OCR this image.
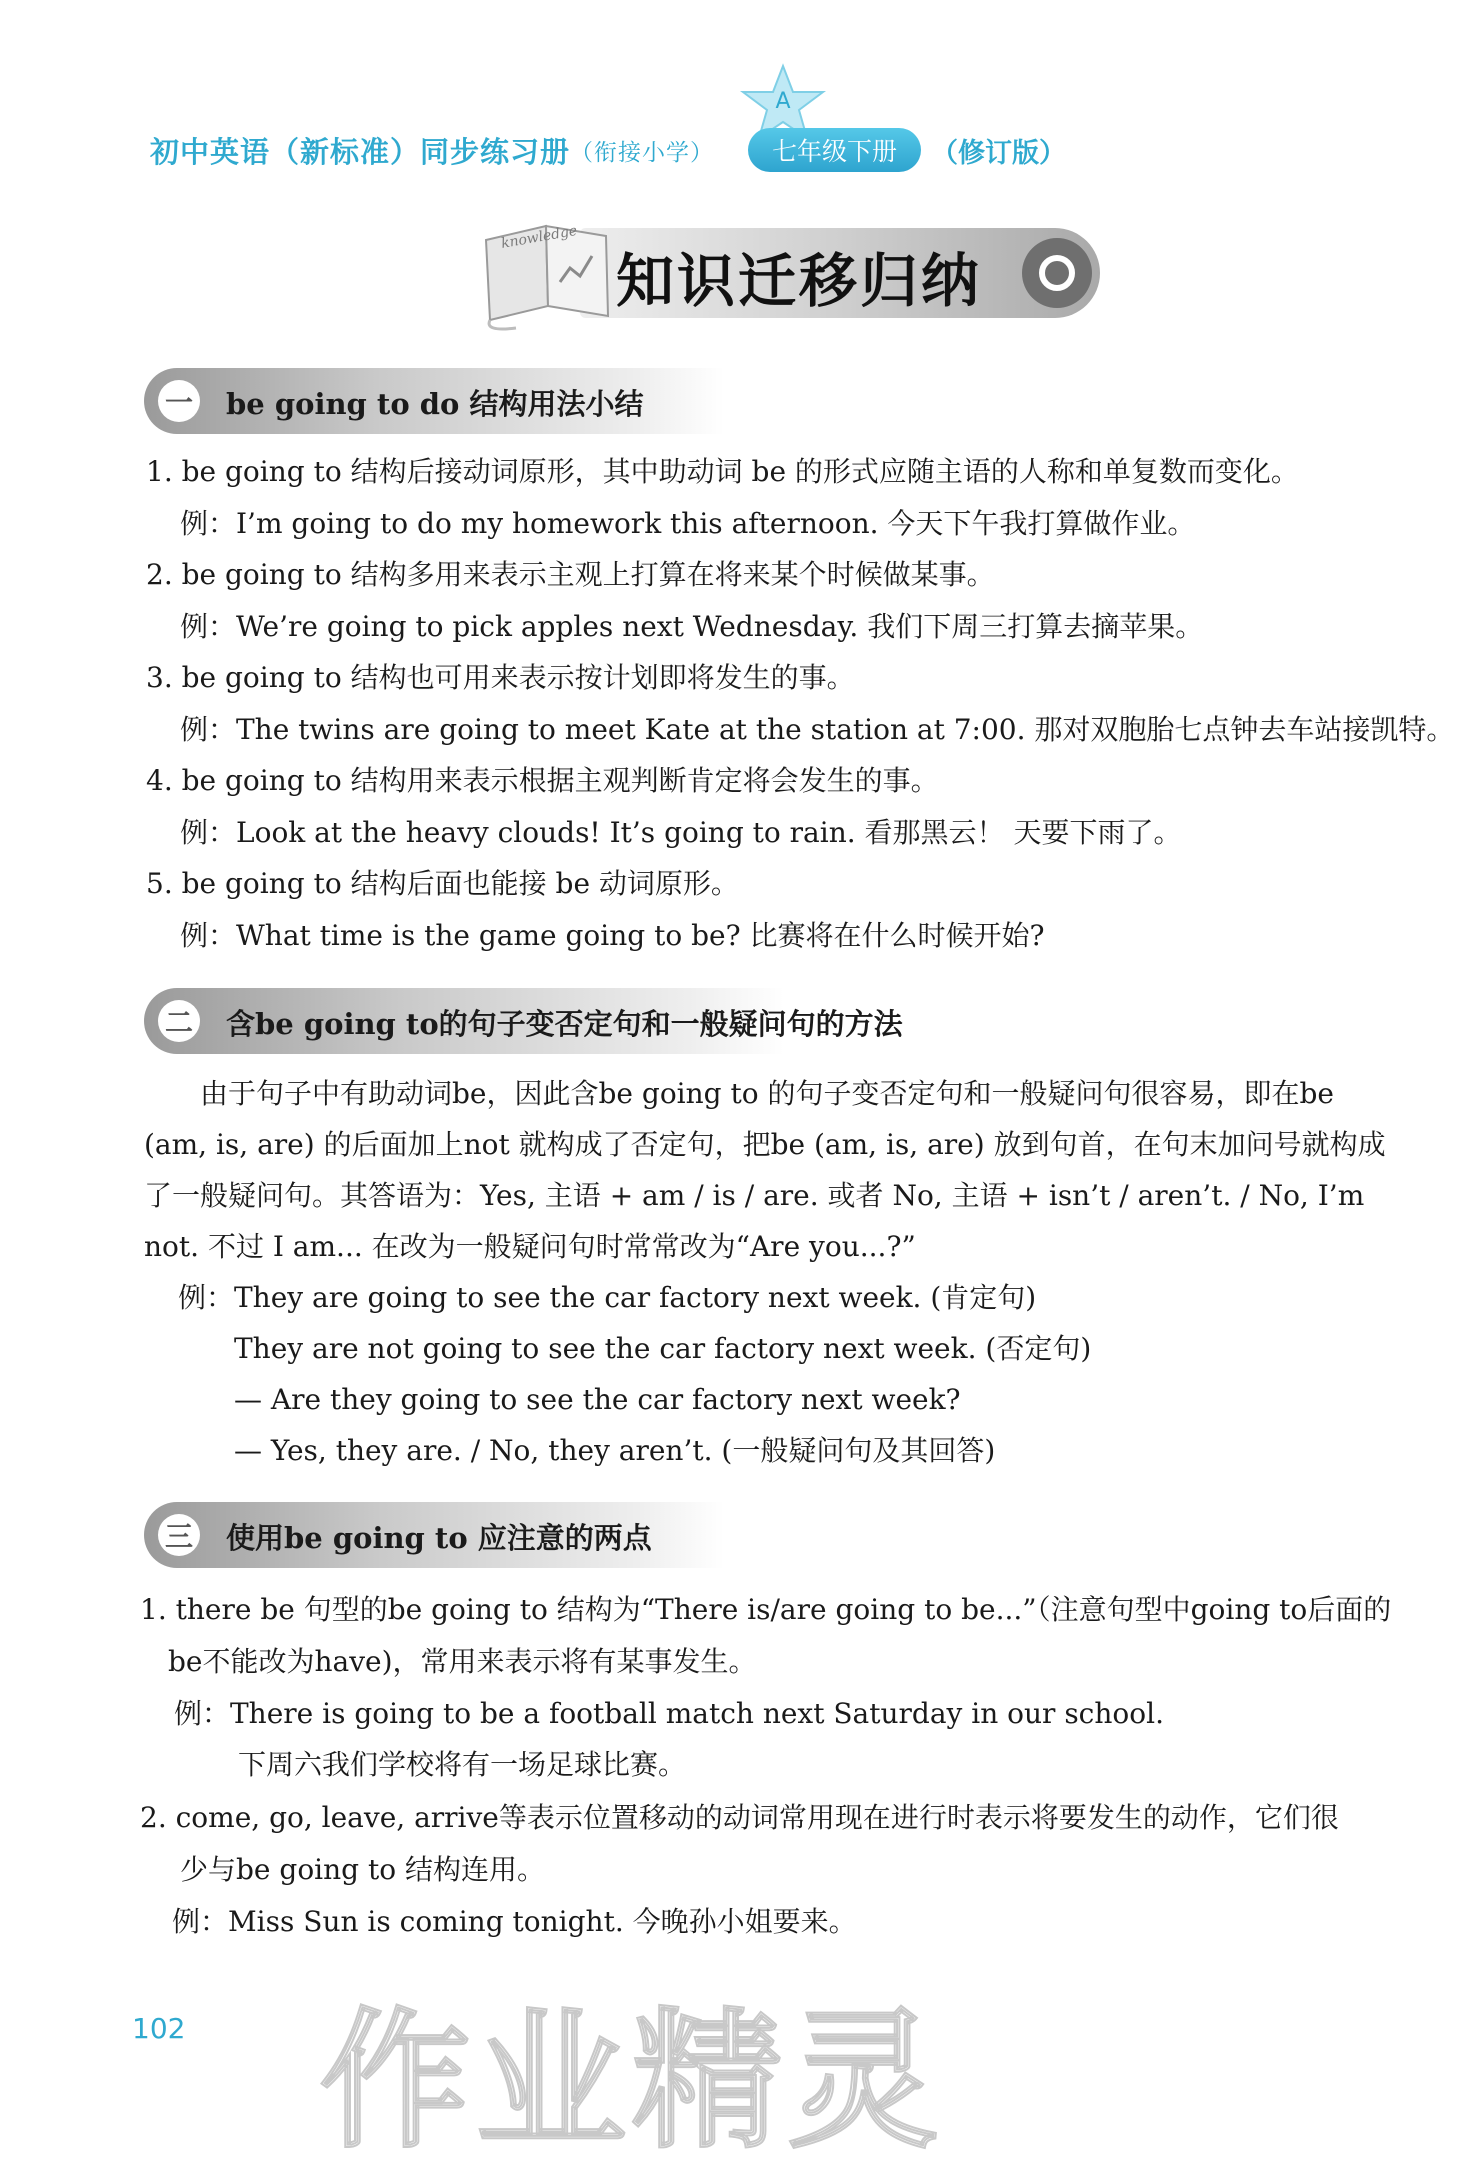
A
初中英语（新标准）同步练习册 （衔接小学）	七年级下册	（修订版）
knowledge
知识迁移归纳
一 be going to do 结构用法小结
1. be going to 结构后接动词原形，其中助动词 be 的形式应随主语的人称和单复数而变化。
例：I’m going to do my homework this afternoon. 今天下午我打算做作业。
2. be going to 结构多用来表示主观上打算在将来某个时候做某事。
例：We’re going to pick apples next Wednesday. 我们下周三打算去摘苹果。
3. be going to 结构也可用来表示按计划即将发生的事。
例：The twins are going to meet Kate at the station at 7:00. 那对双胞胎七点钟去车站接凯特。
4. be going to 结构用来表示根据主观判断肯定将会发生的事。
例：Look at the heavy clouds! It’s going to rain. 看那黑云！ 天要下雨了。
5. be going to 结构后面也能接 be 动词原形。
例：What time is the game going to be? 比赛将在什么时候开始?
二 含be going to的句子变否定句和一般疑问句的方法
由于句子中有助动词be，因此含be going to 的句子变否定句和一般疑问句很容易，即在be (am, is, are) 的后面加上not 就构成了否定句，把be (am, is, are) 放到句首，在句末加问号就构成了一般疑问句。其答语为：Yes, 主语 + am / is / are. 或者 No, 主语 + isn’t / aren’t. / No, I’m not. 不过 I am... 在改为一般疑问句时常常改为“Are you...?”
例：They are going to see the car factory next week. (肯定句)
They are not going to see the car factory next week. (否定句)
— Are they going to see the car factory next week?
— Yes, they are. / No, they aren’t. (一般疑问句及其回答)
三 使用be going to 应注意的两点
1. there be 句型的be going to 结构为“There is/are going to be...”（注意句型中going to后面的
be不能改为have)，常用来表示将有某事发生。
例：There is going to be a football match next Saturday in our school.
下周六我们学校将有一场足球比赛。
2. come, go, leave, arrive等表示位置移动的动词常用现在进行时表示将要发生的动作，它们很
少与be going to 结构连用。
例：Miss Sun is coming tonight. 今晚孙小姐要来。
102 作业精灵
